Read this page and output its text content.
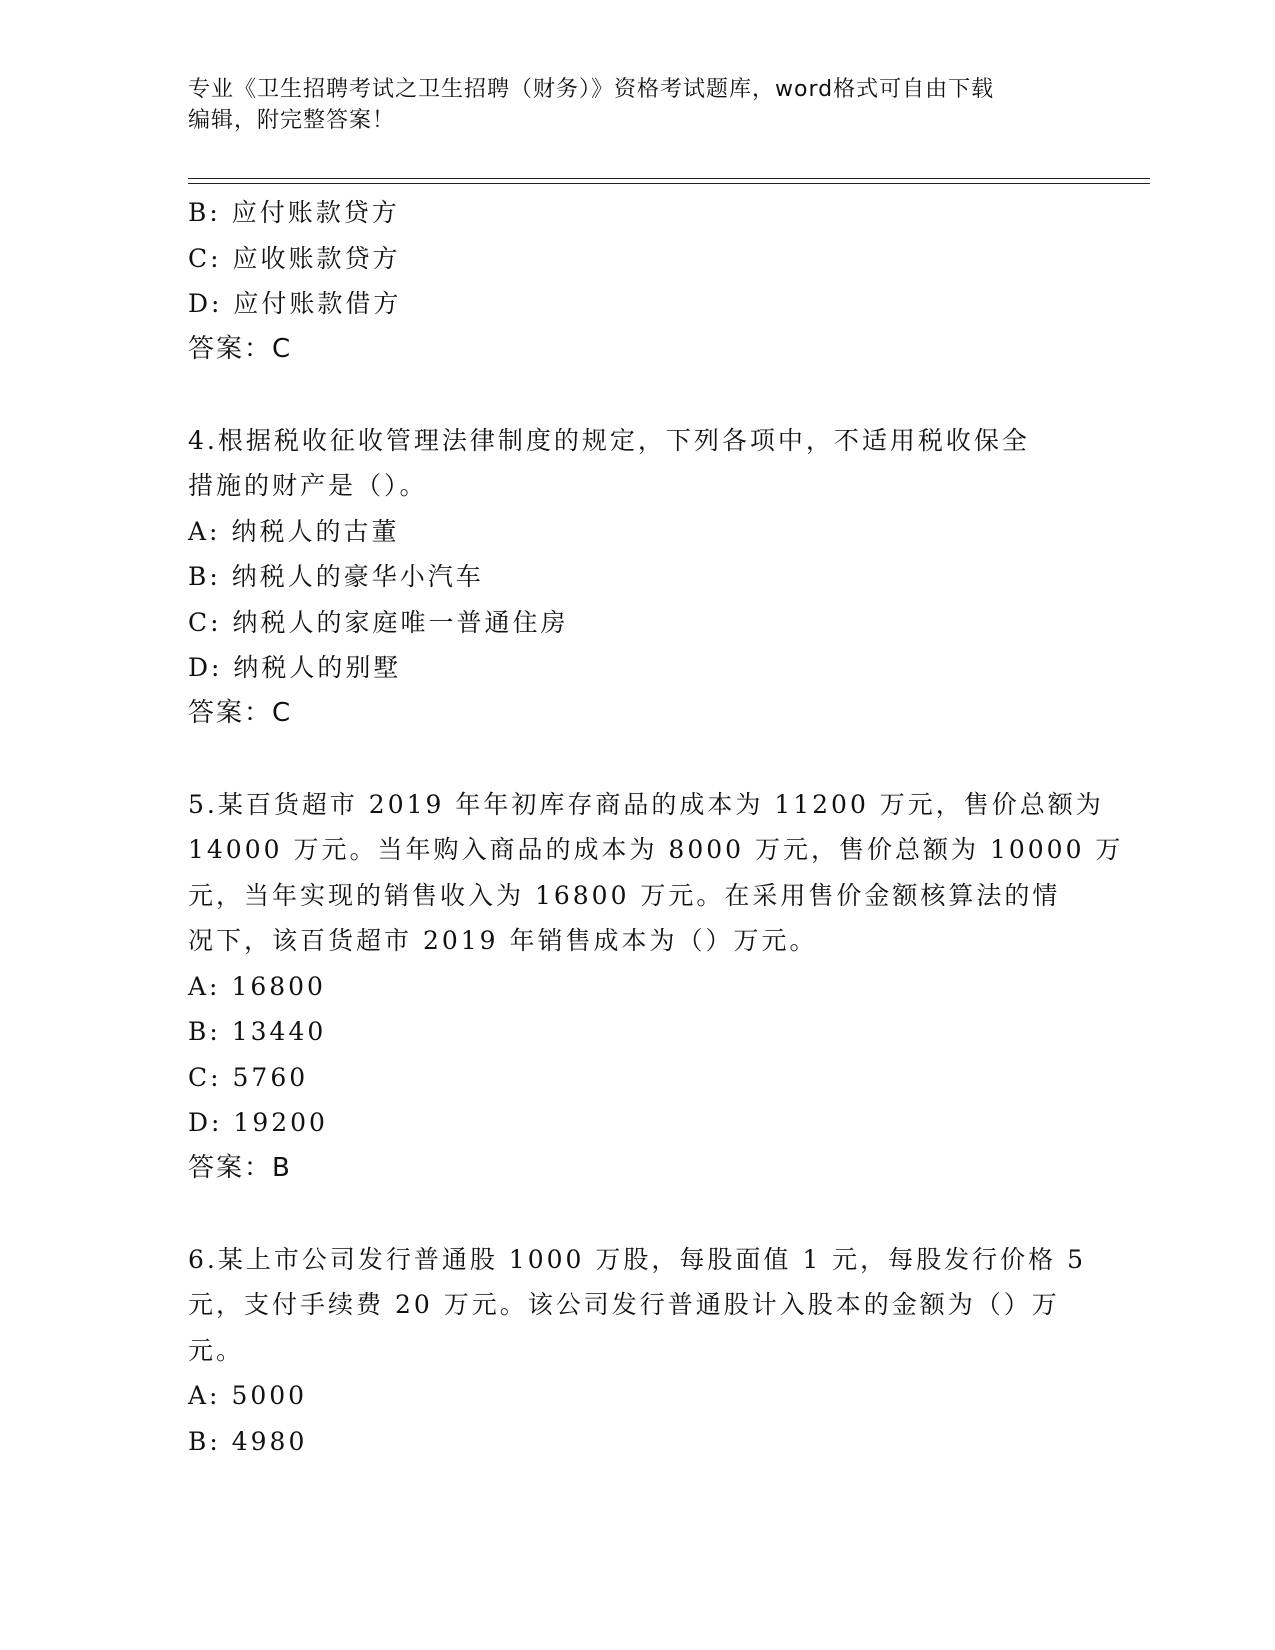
专业《卫生招聘考试之卫生招聘（财务）》资格考试题库，word格式可自由下载
编辑，附完整答案！
B: 应付账款贷方
C: 应收账款贷方
D: 应付账款借方
答案：C
4.根据税收征收管理法律制度的规定，下列各项中，不适用税收保全
措施的财产是（）。
A: 纳税人的古董
B: 纳税人的豪华小汽车
C: 纳税人的家庭唯一普通住房
D: 纳税人的别墅
答案：C
5.某百货超市 2019 年年初库存商品的成本为 11200 万元，售价总额为
14000 万元。当年购入商品的成本为 8000 万元，售价总额为 10000 万
元，当年实现的销售收入为 16800 万元。在采用售价金额核算法的情
况下，该百货超市 2019 年销售成本为（）万元。
A: 16800
B: 13440
C: 5760
D: 19200
答案：B
6.某上市公司发行普通股 1000 万股，每股面值 1 元，每股发行价格 5
元，支付手续费 20 万元。该公司发行普通股计入股本的金额为（）万
元。
A: 5000
B: 4980
